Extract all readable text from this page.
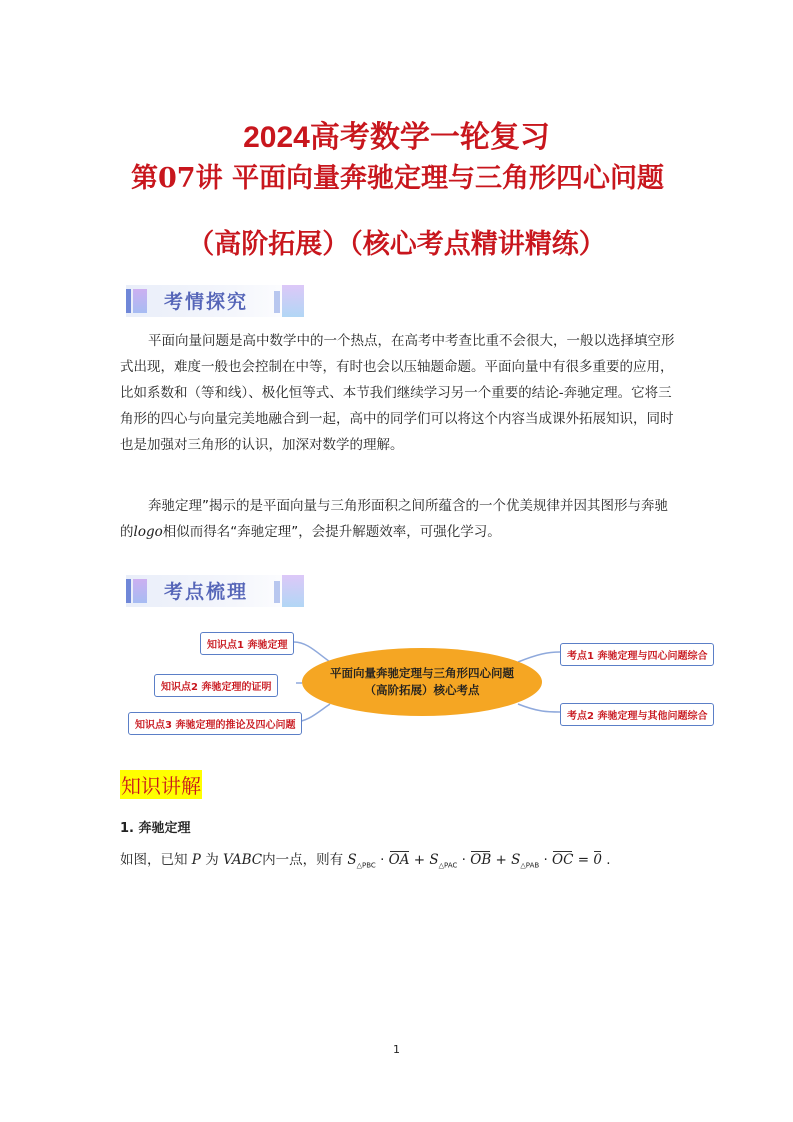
2024高考数学一轮复习
第07讲 平面向量奔驰定理与三角形四心问题
（高阶拓展）（核心考点精讲精练）
考情探究
平面向量问题是高中数学中的一个热点，在高考中考查比重不会很大，一般以选择填空形式出现，难度一般也会控制在中等，有时也会以压轴题命题。平面向量中有很多重要的应用，比如系数和（等和线）、极化恒等式、本节我们继续学习另一个重要的结论-奔驰定理。它将三角形的四心与向量完美地融合到一起，高中的同学们可以将这个内容当成课外拓展知识，同时也是加强对三角形的认识，加深对数学的理解。
奔驰定理”揭示的是平面向量与三角形面积之间所蕴含的一个优美规律并因其图形与奔驰的logo相似而得名“奔驰定理”，会提升解题效率，可强化学习。
考点梳理
知识点1 奔驰定理
知识点2 奔驰定理的证明
知识点3 奔驰定理的推论及四心问题
平面向量奔驰定理与三角形四心问题
（高阶拓展）核心考点
考点1 奔驰定理与四心问题综合
考点2 奔驰定理与其他问题综合
知识讲解
1. 奔驰定理
如图，已知 P 为 VABC内一点，则有 $S_{\triangle PBC}$ · OA + $S_{\triangle PAC}$ · OB + $S_{\triangle PAB}$ · OC = 0 .
1
